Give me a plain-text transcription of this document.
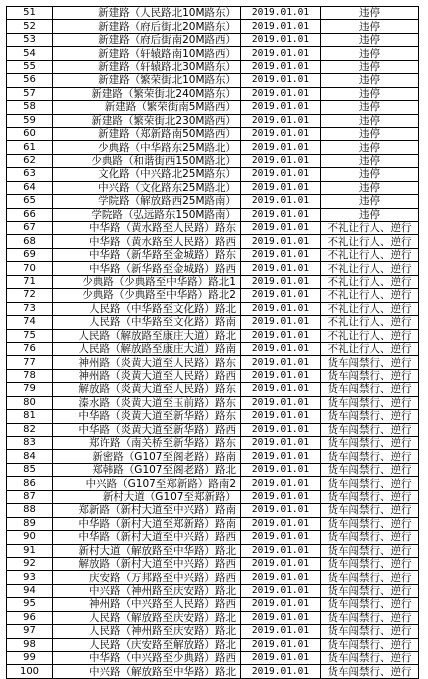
51	新建路（人民路北10M路东）	2019.01.01	违停
52	新建路（府后街北20M路东）	2019.01.01	违停
53	新建路（府后街南20M路西）	2019.01.01	违停
54	新建路（轩辕路南10M路西）	2019.01.01	违停
55	新建路（轩辕路北30M路东）	2019.01.01	违停
56	新建路（繁荣街北10M路东）	2019.01.01	违停
57	新建路（繁荣街北240M路东）	2019.01.01	违停
58	新建路（繁荣街南5M路西）	2019.01.01	违停
59	新建路（繁荣街北230M路西）	2019.01.01	违停
60	新建路（郑新路南50M路西）	2019.01.01	违停
61	少典路（中华路东25M路北）	2019.01.01	违停
62	少典路（和谐街西150M路北）	2019.01.01	违停
63	文化路（中兴路北25M路东）	2019.01.01	违停
64	中兴路（文化路东25M路北）	2019.01.01	违停
65	学院路（解放路西25M路南）	2019.01.01	违停
66	学院路（弘远路东150M路南）	2019.01.01	违停
67	中华路（黄水路至人民路）路东	2019.01.01	不礼让行人、逆行
68	中华路（黄水路至人民路）路西	2019.01.01	不礼让行人、逆行
69	中华路（新华路至金城路）路东	2019.01.01	不礼让行人、逆行
70	中华路（新华路至金城路）路西	2019.01.01	不礼让行人、逆行
71	少典路（少典路至中华路）路北1	2019.01.01	不礼让行人、逆行
72	少典路（少典路至中华路）路北2	2019.01.01	不礼让行人、逆行
73	人民路（中华路至文化路）路北	2019.01.01	不礼让行人、逆行
74	人民路（中华路至文化路）路南	2019.01.01	不礼让行人、逆行
75	人民路（解放路至康庄大道）路北	2019.01.01	不礼让行人、逆行
76	人民路（解放路至康庄大道）路南	2019.01.01	不礼让行人、逆行
77	神州路（炎黄大道至人民路）路东	2019.01.01	货车闯禁行、逆行
78	神州路（炎黄大道至人民路）路西	2019.01.01	货车闯禁行、逆行
79	解放路（炎黄大道至人民路）路东	2019.01.01	货车闯禁行、逆行
80	溱水路（炎黄大道至玉前路）路东	2019.01.01	货车闯禁行、逆行
81	中华路（炎黄大道至新华路）路东	2019.01.01	货车闯禁行、逆行
82	中华路（炎黄大道至新华路）路西	2019.01.01	货车闯禁行、逆行
83	郑许路（南关桥至新华路）路东	2019.01.01	货车闯禁行、逆行
84	新密路（G107至阁老路）路南	2019.01.01	货车闯禁行、逆行
85	郑韩路（G107至阁老路）路北	2019.01.01	货车闯禁行、逆行
86	中兴路（G107至郑新路）路南2	2019.01.01	货车闯禁行、逆行
87	新村大道（G107至郑新路）	2019.01.01	货车闯禁行、逆行
88	郑新路（新村大道至中兴路）路南	2019.01.01	货车闯禁行、逆行
89	中华路（新村大道至郑新路）路南	2019.01.01	货车闯禁行、逆行
90	中华路（新村大道至中兴路）路西	2019.01.01	货车闯禁行、逆行
91	新村大道（解放路至中华路）路北	2019.01.01	货车闯禁行、逆行
92	解放路（新村大道至中兴路）路西	2019.01.01	货车闯禁行、逆行
93	庆安路（万邦路至中兴路）路西	2019.01.01	货车闯禁行、逆行
94	中兴路（神州路至庆安路）路北	2019.01.01	货车闯禁行、逆行
95	神州路（中兴路至人民路）路西	2019.01.01	货车闯禁行、逆行
96	人民路（解放路至庆安路）路北	2019.01.01	货车闯禁行、逆行
97	人民路（神州路至庆安路）路北	2019.01.01	货车闯禁行、逆行
98	人民路（庆安路至解放路）路北	2019.01.01	货车闯禁行、逆行
99	中华路（中兴路至少典路）路西	2019.01.01	货车闯禁行、逆行
100	中兴路（解放路至中华路）路北	2019.01.01	货车闯禁行、逆行
